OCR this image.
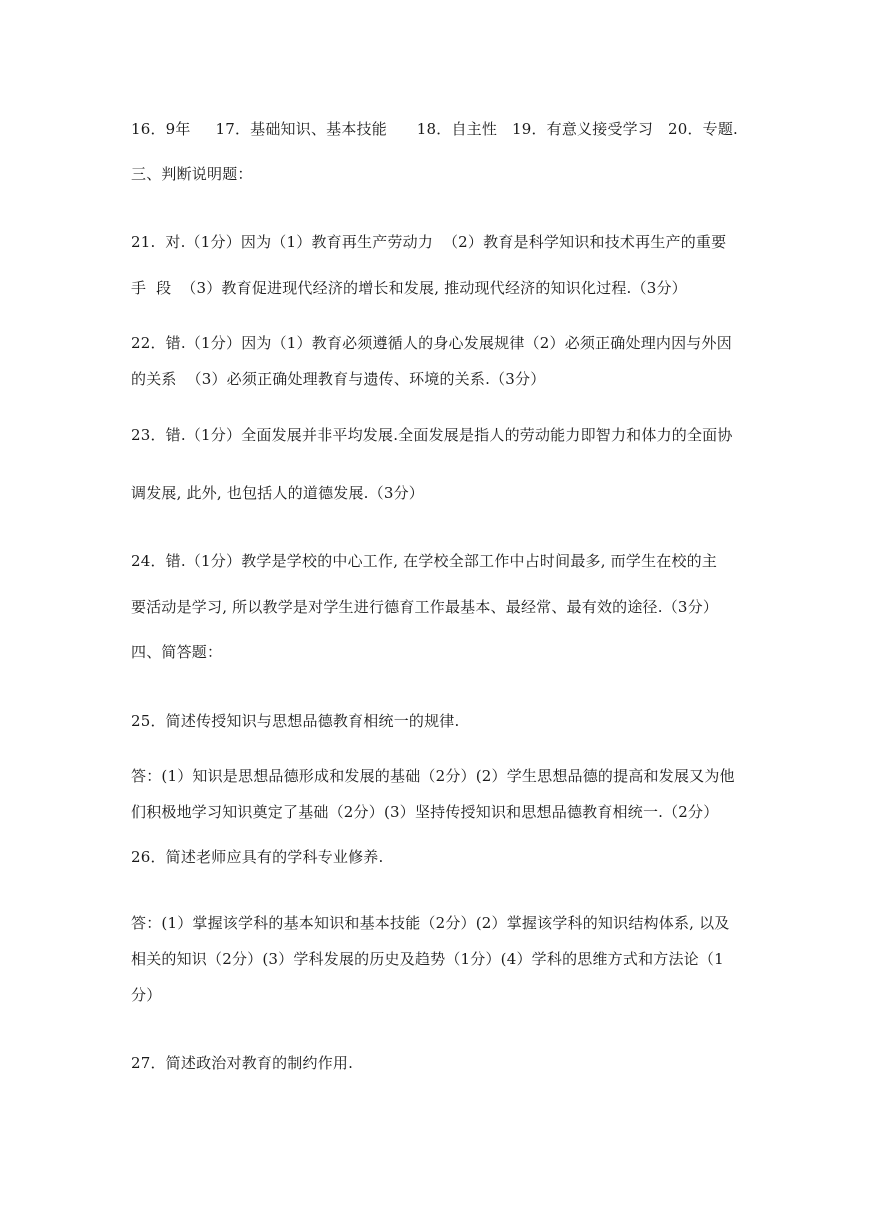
16．9年     17．基础知识、基本技能      18．自主性   19．有意义接受学习   20．专题.
三、判断说明题：
21.  对.（1分）因为（1）教育再生产劳动力  （2）教育是科学知识和技术再生产的重要
手  段  （3）教育促进现代经济的增长和发展, 推动现代经济的知识化过程.（3分）
22．错.（1分）因为（1）教育必须遵循人的身心发展规律（2）必须正确处理内因与外因
的关系  （3）必须正确处理教育与遗传、环境的关系.（3分）
23．错.（1分）全面发展并非平均发展.全面发展是指人的劳动能力即智力和体力的全面协
调发展, 此外, 也包括人的道德发展.（3分）
24．错.（1分）教学是学校的中心工作, 在学校全部工作中占时间最多, 而学生在校的主
要活动是学习, 所以教学是对学生进行德育工作最基本、最经常、最有效的途径.（3分）
四、简答题：
25．简述传授知识与思想品德教育相统一的规律.
答：(1）知识是思想品德形成和发展的基础（2分）(2）学生思想品德的提高和发展又为他
们积极地学习知识奠定了基础（2分）(3）坚持传授知识和思想品德教育相统一.（2分）
26．简述老师应具有的学科专业修养.
答：(1）掌握该学科的基本知识和基本技能（2分）(2）掌握该学科的知识结构体系, 以及
相关的知识（2分）(3）学科发展的历史及趋势（1分）(4）学科的思维方式和方法论（1
分）
27．简述政治对教育的制约作用.
